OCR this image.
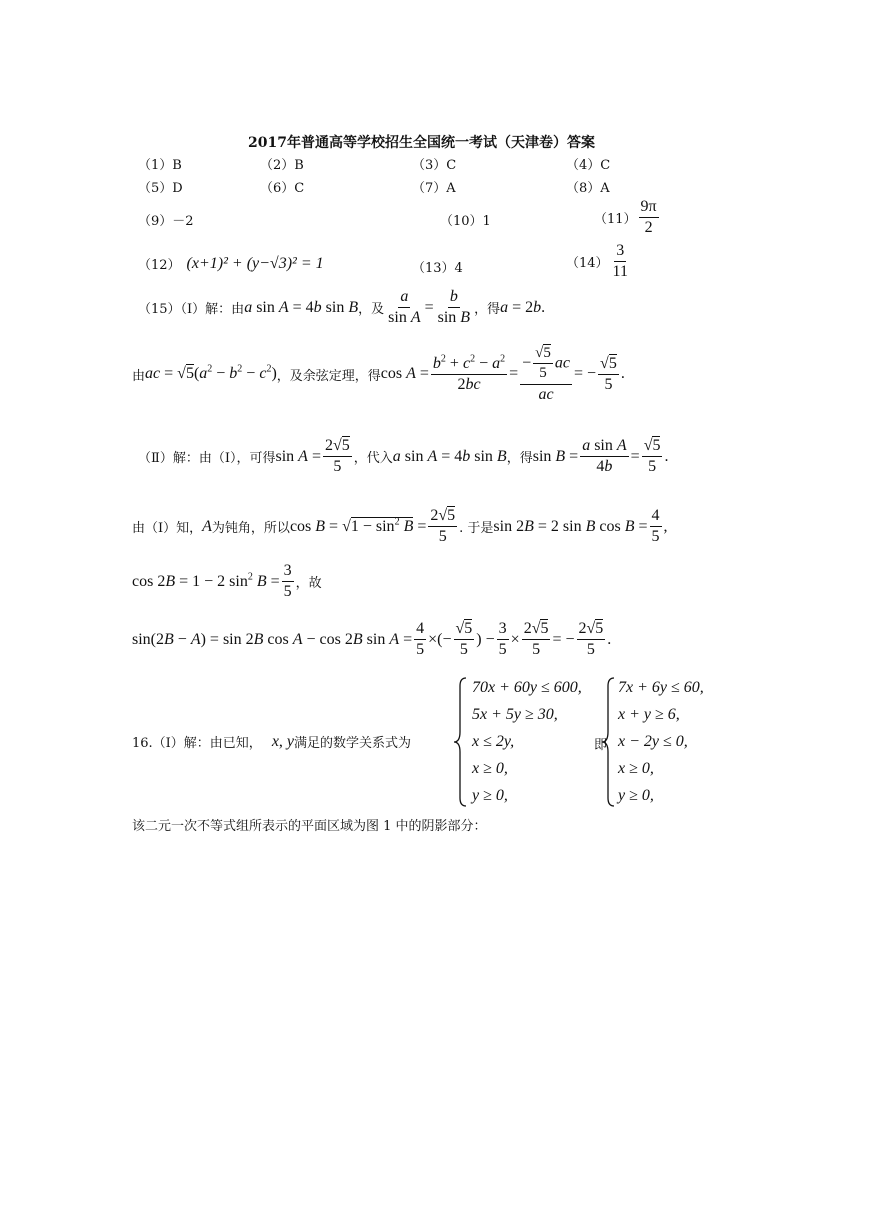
2017年普通高等学校招生全国统一考试（天津卷）答案
（1）B	（2）B	（3）C	（4）C
（5）D	（6）C	（7）A	（8）A
（9）－2	（10）1	$(11) \frac{9\pi}{2}$
（12） (x+1)² + (y−√3)² = 1	（13）4	$(14) \frac{3}{11}$
（15）（Ⅰ）解：由 a sin A = 4b sin B ，及 $\frac{a}{\text{sin A}} = \frac{b}{\text{sin B}}$ ，得 a = 2b.
由 ac = $√5(a^2 - b^2 - c^2)$ ，及余弦定理，得 $\cos A = \frac{b^2 + c^2 - a^2}{2bc} = \frac{- \frac{√5}{5} ac}{ac}$ = − $\frac{√5}{5}$ .
（Ⅱ）解：由（Ⅰ），可得 $\sin A = \frac{2√5}{5}$ ，代入 a sin A = 4b sin B ，得 $\sin B = \frac{\text{a sin A}}{4b} = \frac{√5}{5}$ .
由（Ⅰ）知， A 为钝角，所以 $\cos B = √1 - \sin^2 B = \frac{2√5}{5}$ . 于是 sin 2B = 2 sin B $\cos B = \frac{4}{5}$ ,
cos 2B = 1 − 2 $\sin^2 B = \frac{3}{5}$ ，故
sin(2B − A) = sin 2B cos A − cos 2B $\sin A = \frac{4}{5}$ ×(− $\frac{√5}{5}$ ) − $\frac{3}{5} \times \frac{2√5}{5}$ = − $\frac{2√5}{5}$ .
16.（Ⅰ）解：由已知， x , y 满足的数学关系式为
70x + 60y ≤ 600,
5x + 5y ≥ 30,
x ≤ 2y,
x ≥ 0,
y ≥ 0,
即
7x + 6y ≤ 60,
x + y ≥ 6,
x − 2y ≤ 0,
x ≥ 0,
y ≥ 0,
该二元一次不等式组所表示的平面区域为图 1 中的阴影部分：
